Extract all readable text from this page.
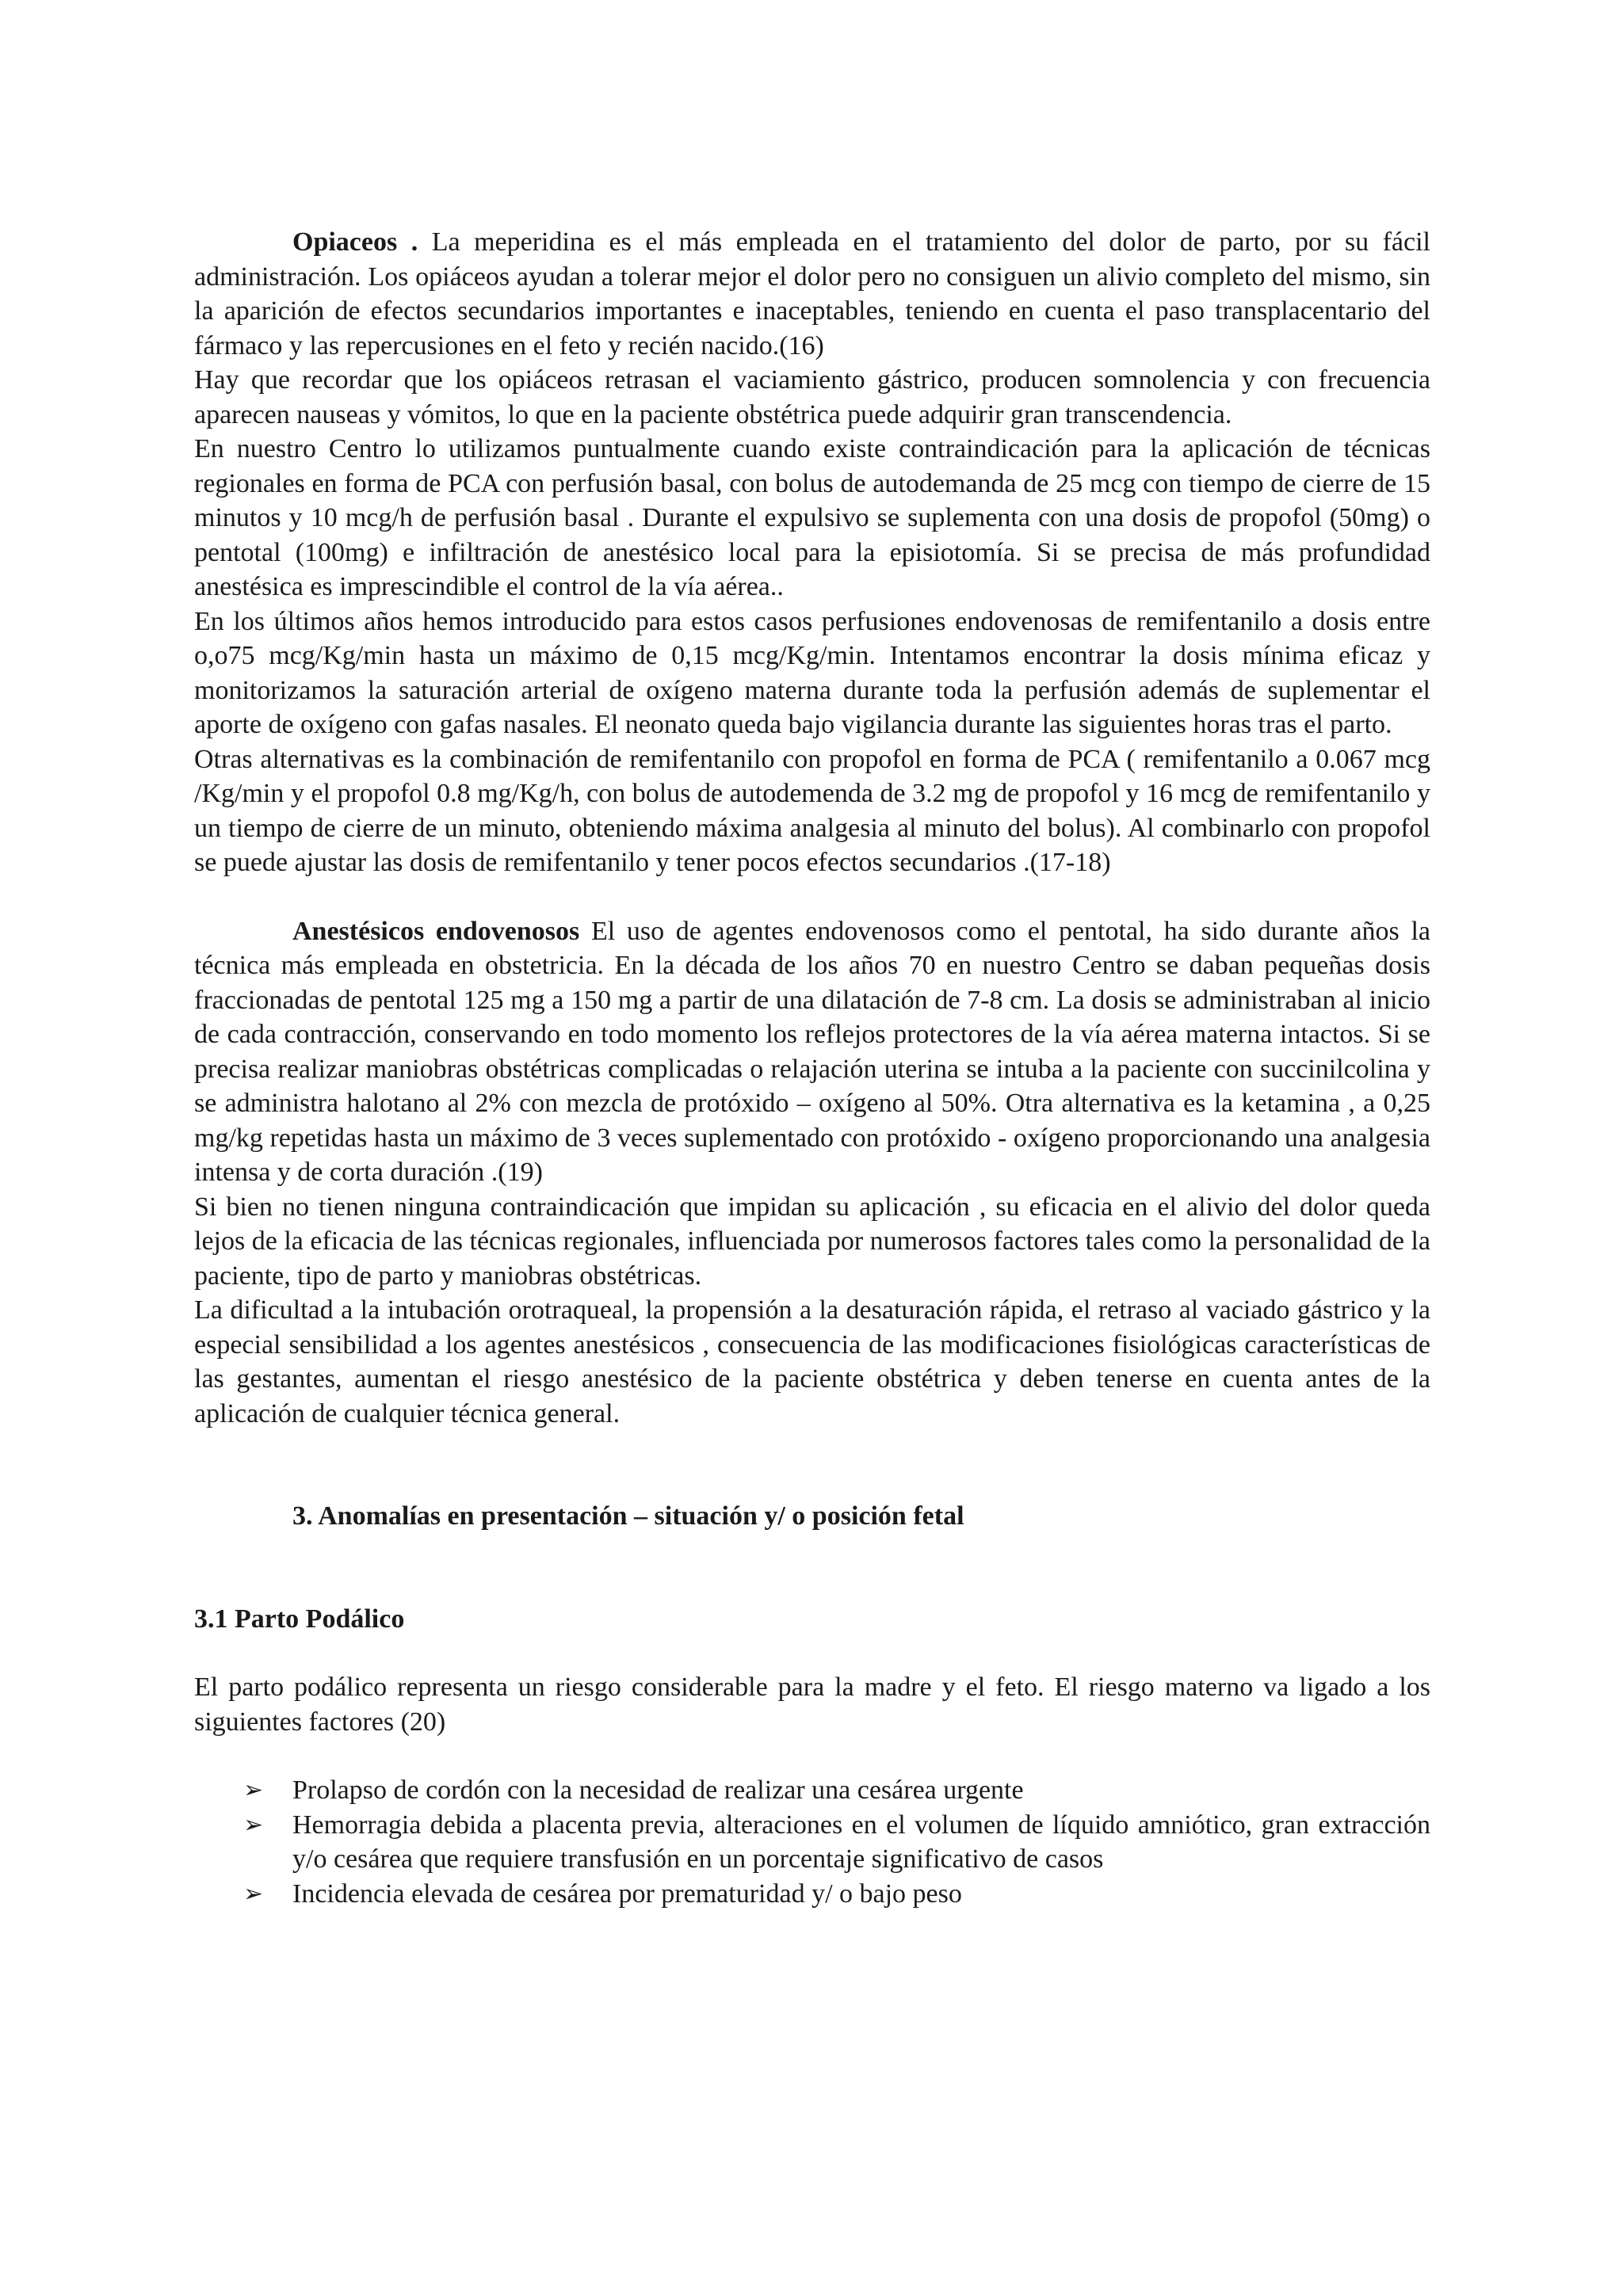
Opiaceos . La meperidina es el más empleada en el tratamiento del dolor de parto, por su fácil administración. Los opiáceos ayudan a tolerar mejor el dolor pero no consiguen un alivio completo del mismo, sin la aparición de efectos secundarios importantes e inaceptables, teniendo en cuenta el paso transplacentario del fármaco y las repercusiones en el feto y recién nacido.(16)

Hay que recordar que los opiáceos retrasan el vaciamiento gástrico, producen somnolencia y con frecuencia aparecen nauseas y vómitos, lo que en la paciente obstétrica puede adquirir gran transcendencia.

En nuestro Centro lo utilizamos puntualmente cuando existe contraindicación para la aplicación de técnicas regionales en forma de PCA con perfusión basal, con bolus de autodemanda de 25 mcg con tiempo de cierre de 15 minutos y 10 mcg/h de perfusión basal . Durante el expulsivo se suplementa con una dosis de propofol (50mg) o pentotal (100mg) e infiltración de anestésico local para la episiotomía. Si se precisa de más profundidad anestésica es imprescindible el control de la vía aérea..

En los últimos años hemos introducido para estos casos perfusiones endovenosas de remifentanilo a dosis entre o,o75 mcg/Kg/min hasta un máximo de 0,15 mcg/Kg/min. Intentamos encontrar la dosis mínima eficaz y monitorizamos la saturación arterial de oxígeno materna durante toda la perfusión además de suplementar el aporte de oxígeno con gafas nasales. El neonato queda bajo vigilancia durante las siguientes horas tras el parto.

Otras alternativas es la combinación de remifentanilo con propofol en forma de PCA ( remifentanilo a 0.067 mcg /Kg/min y el propofol 0.8 mg/Kg/h, con bolus de autodemenda de 3.2 mg de propofol y 16 mcg de remifentanilo y un tiempo de cierre de un minuto, obteniendo máxima analgesia al minuto del bolus). Al combinarlo con propofol se puede ajustar las dosis de remifentanilo y tener pocos efectos secundarios .(17-18)

Anestésicos endovenosos El uso de agentes endovenosos como el pentotal, ha sido durante años la técnica más empleada en obstetricia. En la década de los años 70 en nuestro Centro se daban pequeñas dosis fraccionadas de pentotal 125 mg a 150 mg a partir de una dilatación de 7-8 cm. La dosis se administraban al inicio de cada contracción, conservando en todo momento los reflejos protectores de la vía aérea materna intactos. Si se precisa realizar maniobras obstétricas complicadas o relajación uterina se intuba a la paciente con succinilcolina y se administra halotano al 2% con mezcla de protóxido – oxígeno al 50%. Otra alternativa es la ketamina , a 0,25 mg/kg repetidas hasta un máximo de 3 veces suplementado con protóxido - oxígeno proporcionando una analgesia intensa y de corta duración .(19)

Si bien no tienen ninguna contraindicación que impidan su aplicación , su eficacia en el alivio del dolor queda lejos de la eficacia de las técnicas regionales, influenciada por numerosos factores tales como la personalidad de la paciente, tipo de parto y maniobras obstétricas.

La dificultad a la intubación orotraqueal, la propensión a la desaturación rápida, el retraso al vaciado gástrico y la especial sensibilidad a los agentes anestésicos , consecuencia de las modificaciones fisiológicas características de las gestantes, aumentan el riesgo anestésico de la paciente obstétrica y deben tenerse en cuenta antes de la aplicación de cualquier técnica general.

3. Anomalías en presentación – situación y/ o posición fetal

3.1 Parto Podálico

El parto podálico representa un riesgo considerable para la madre y el feto. El riesgo materno va ligado a los siguientes factores (20)

➢ Prolapso de cordón con la necesidad de realizar una cesárea urgente
➢ Hemorragia debida a placenta previa, alteraciones en el volumen de líquido amniótico, gran extracción y/o cesárea que requiere transfusión en un porcentaje significativo de casos
➢ Incidencia elevada de cesárea por prematuridad y/ o bajo peso
